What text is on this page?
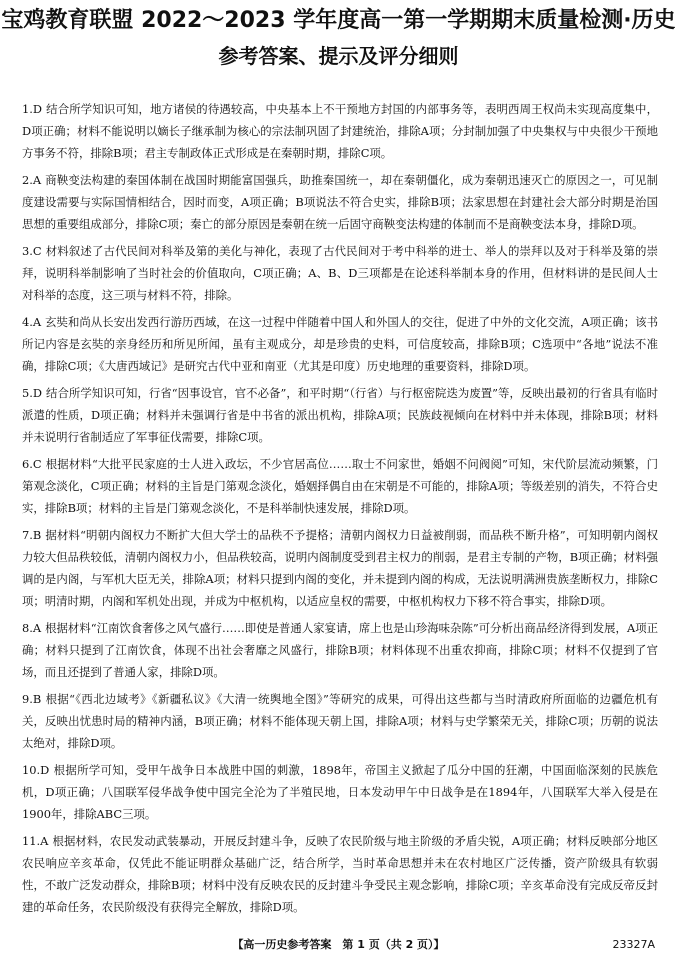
宝鸡教育联盟 2022～2023 学年度高一第一学期期末质量检测·历史
参考答案、提示及评分细则

1.D 结合所学知识可知，地方诸侯的待遇较高，中央基本上不干预地方封国的内部事务等，表明西周王权尚未实现高度集中，D项正确；材料不能说明以嫡长子继承制为核心的宗法制巩固了封建统治，排除A项；分封制加强了中央集权与中央很少干预地方事务不符，排除B项；君主专制政体正式形成是在秦朝时期，排除C项。

2.A 商鞅变法构建的秦国体制在战国时期能富国强兵，助推秦国统一，却在秦朝僵化，成为秦朝迅速灭亡的原因之一，可见制度建设需要与实际国情相结合，因时而变，A项正确；B项说法不符合史实，排除B项；法家思想在封建社会大部分时期是治国思想的重要组成部分，排除C项；秦亡的部分原因是秦朝在统一后固守商鞅变法构建的体制而不是商鞅变法本身，排除D项。

3.C 材料叙述了古代民间对科举及第的美化与神化，表现了古代民间对于考中科举的进士、举人的崇拜以及对于科举及第的崇拜，说明科举制影响了当时社会的价值取向，C项正确；A、B、D三项都是在论述科举制本身的作用，但材料讲的是民间人士对科举的态度，这三项与材料不符，排除。

4.A 玄奘和尚从长安出发西行游历西域，在这一过程中伴随着中国人和外国人的交往，促进了中外的文化交流，A项正确；该书所记内容是玄奘的亲身经历和所见所闻，虽有主观成分，却是珍贵的史料，可信度较高，排除B项；C选项中“各地”说法不准确，排除C项；《大唐西域记》是研究古代中亚和南亚（尤其是印度）历史地理的重要资料，排除D项。

5.D 结合所学知识可知，行省“因事设官，官不必备”，和平时期“（行省）与行枢密院迭为废置”等，反映出最初的行省具有临时派遣的性质，D项正确；材料并未强调行省是中书省的派出机构，排除A项；民族歧视倾向在材料中并未体现，排除B项；材料并未说明行省制适应了军事征伐需要，排除C项。

6.C 根据材料“大批平民家庭的士人进入政坛，不少官居高位……取士不问家世，婚姻不问阀阅”可知，宋代阶层流动频繁，门第观念淡化，C项正确；材料的主旨是门第观念淡化，婚姻择偶自由在宋朝是不可能的，排除A项；等级差别的消失，不符合史实，排除B项；材料的主旨是门第观念淡化，不是科举制快速发展，排除D项。

7.B 据材料“明朝内阁权力不断扩大但大学士的品秩不予提格；清朝内阁权力日益被削弱，而品秩不断升格”，可知明朝内阁权力较大但品秩较低，清朝内阁权力小，但品秩较高，说明内阁制度受到君主权力的削弱，是君主专制的产物，B项正确；材料强调的是内阁，与军机大臣无关，排除A项；材料只提到内阁的变化，并未提到内阁的构成，无法说明满洲贵族垄断权力，排除C项；明清时期，内阁和军机处出现，并成为中枢机构，以适应皇权的需要，中枢机构权力下移不符合事实，排除D项。

8.A 根据材料“江南饮食奢侈之风气盛行……即使是普通人家宴请，席上也是山珍海味杂陈”可分析出商品经济得到发展，A项正确；材料只提到了江南饮食，体现不出社会奢靡之风盛行，排除B项；材料体现不出重农抑商，排除C项；材料不仅提到了官场，而且还提到了普通人家，排除D项。

9.B 根据“《西北边域考》《新疆私议》《大清一统舆地全图》”等研究的成果，可得出这些都与当时清政府所面临的边疆危机有关，反映出忧患时局的精神内涵，B项正确；材料不能体现天朝上国，排除A项；材料与史学繁荣无关，排除C项；历朝的说法太绝对，排除D项。

10.D 根据所学可知，受甲午战争日本战胜中国的刺激，1898年，帝国主义掀起了瓜分中国的狂潮，中国面临深刻的民族危机，D项正确；八国联军侵华战争使中国完全沦为了半殖民地，日本发动甲午中日战争是在1894年，八国联军大举入侵是在1900年，排除ABC三项。

11.A 根据材料，农民发动武装暴动，开展反封建斗争，反映了农民阶级与地主阶级的矛盾尖锐，A项正确；材料反映部分地区农民响应辛亥革命，仅凭此不能证明群众基础广泛，结合所学，当时革命思想并未在农村地区广泛传播，资产阶级具有软弱性，不敢广泛发动群众，排除B项；材料中没有反映农民的反封建斗争受民主观念影响，排除C项；辛亥革命没有完成反帝反封建的革命任务，农民阶级没有获得完全解放，排除D项。

【高一历史参考答案　第 1 页（共 2 页）】	23327A
